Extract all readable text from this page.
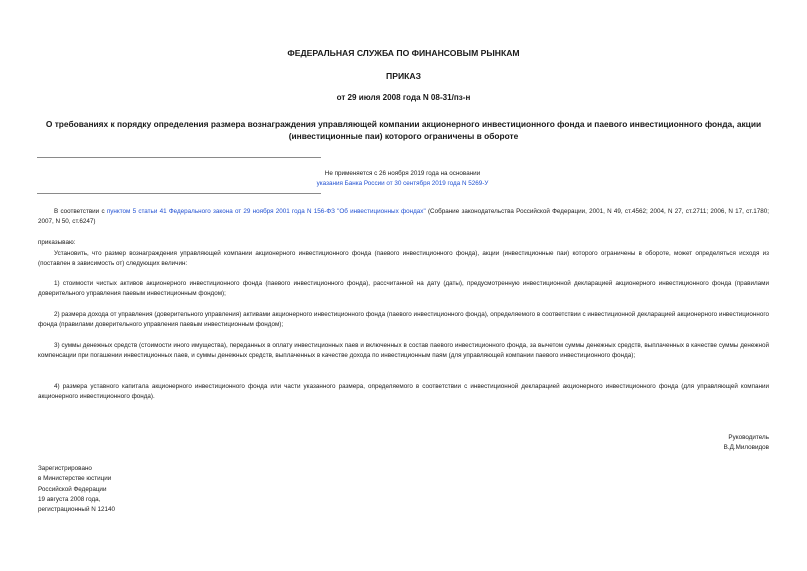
ФЕДЕРАЛЬНАЯ СЛУЖБА ПО ФИНАНСОВЫМ РЫНКАМ
ПРИКАЗ
от 29 июля 2008 года N 08-31/пз-н
О требованиях к порядку определения размера вознаграждения управляющей компании акционерного инвестиционного фонда и паевого инвестиционного фонда, акции (инвестиционные паи) которого ограничены в обороте
Не применяется с 26 ноября 2019 года на основании
указания Банка России от 30 сентября 2019 года N 5269-У
В соответствии с пунктом 5 статьи 41 Федерального закона от 29 ноября 2001 года N 156-ФЗ "Об инвестиционных фондах" (Собрание законодательства Российской Федерации, 2001, N 49, ст.4562; 2004, N 27, ст.2711; 2006, N 17, ст.1780; 2007, N 50, ст.6247)
приказываю:
Установить, что размер вознаграждения управляющей компании акционерного инвестиционного фонда (паевого инвестиционного фонда), акции (инвестиционные паи) которого ограничены в обороте, может определяться исходя из (поставлен в зависимость от) следующих величин:
1) стоимости чистых активов акционерного инвестиционного фонда (паевого инвестиционного фонда), рассчитанной на дату (даты), предусмотренную инвестиционной декларацией акционерного инвестиционного фонда (правилами доверительного управления паевым инвестиционным фондом);
2) размера дохода от управления (доверительного управления) активами акционерного инвестиционного фонда (паевого инвестиционного фонда), определяемого в соответствии с инвестиционной декларацией акционерного инвестиционного фонда (правилами доверительного управления паевым инвестиционным фондом);
3) суммы денежных средств (стоимости иного имущества), переданных в оплату инвестиционных паев и включенных в состав паевого инвестиционного фонда, за вычетом суммы денежных средств, выплаченных в качестве суммы денежной компенсации при погашении инвестиционных паев, и суммы денежных средств, выплаченных в качестве дохода по инвестиционным паям (для управляющей компании паевого инвестиционного фонда);
4) размера уставного капитала акционерного инвестиционного фонда или части указанного размера, определяемого в соответствии с инвестиционной декларацией акционерного инвестиционного фонда (для управляющей компании акционерного инвестиционного фонда).
Руководитель
В.Д.Миловидов
Зарегистрировано
в Министерстве юстиции
Российской Федерации
19 августа 2008 года,
регистрационный N 12140
